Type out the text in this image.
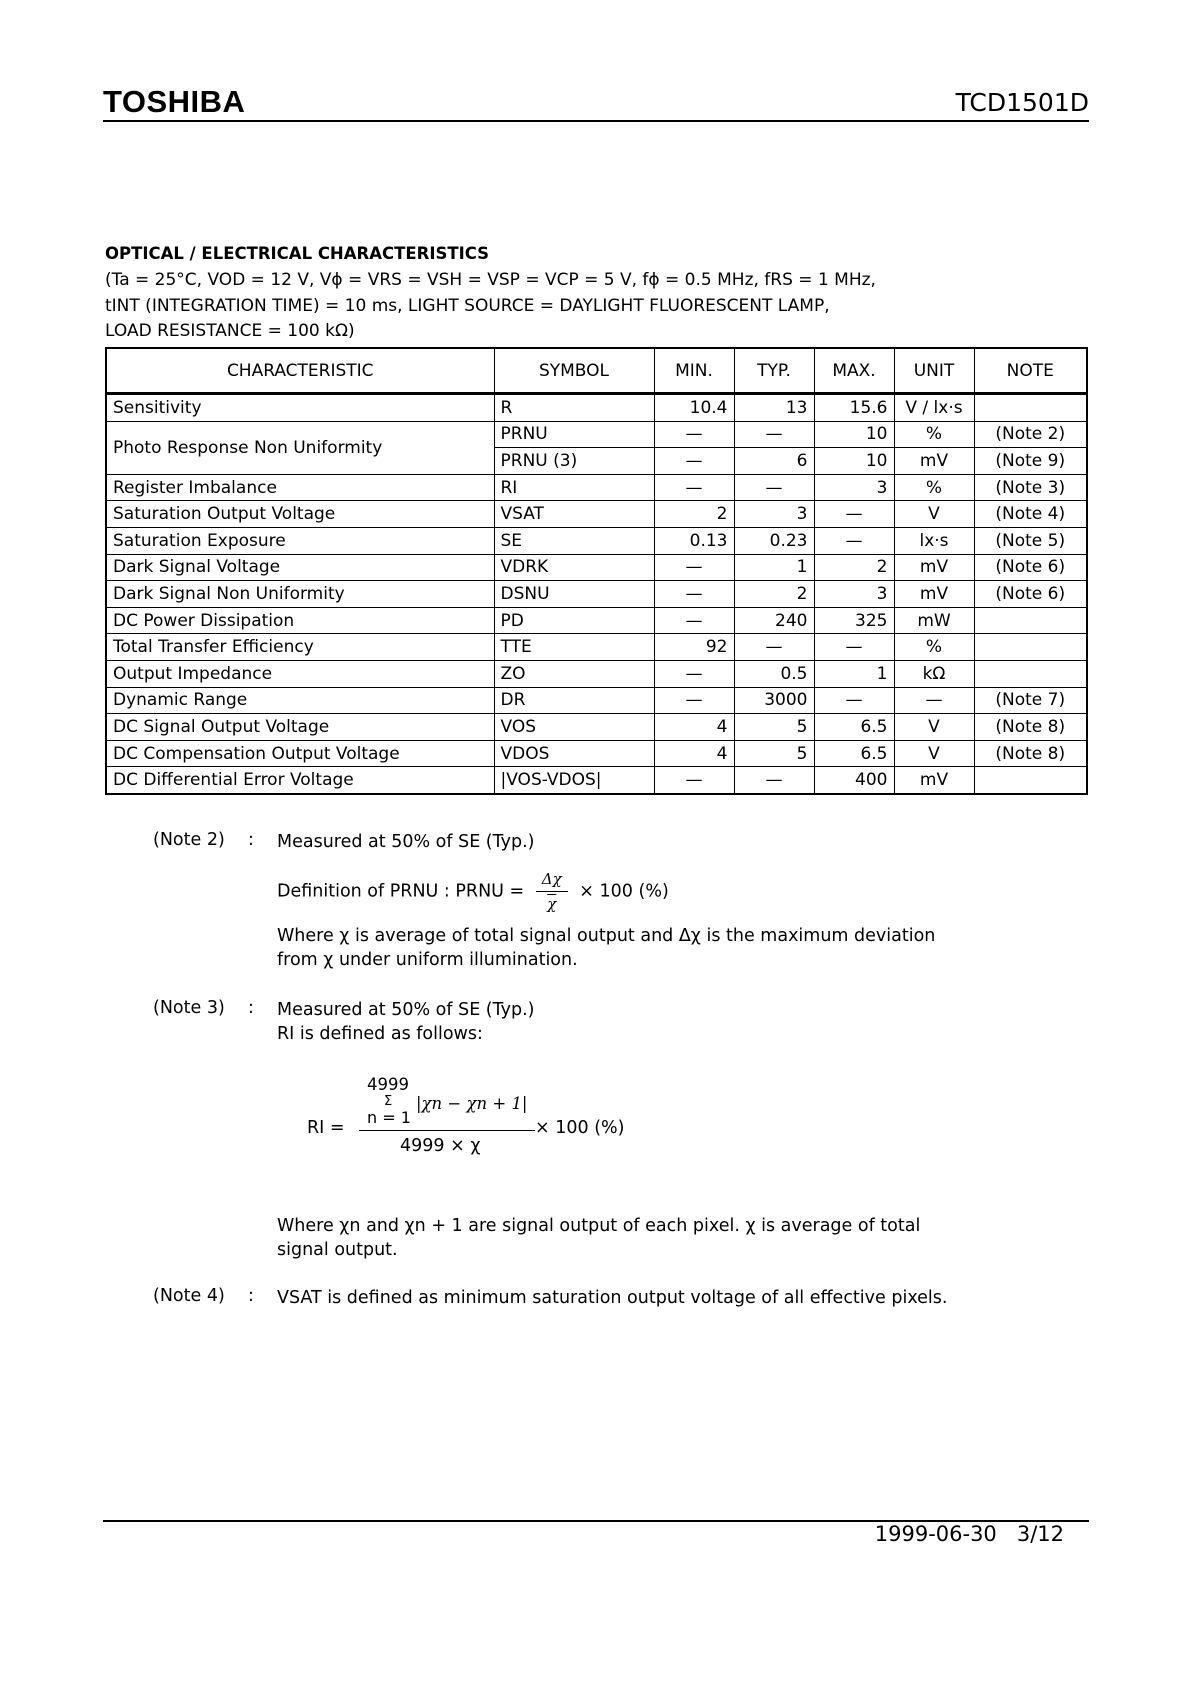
TOSHIBA	TCD1501D
OPTICAL / ELECTRICAL CHARACTERISTICS
(Ta = 25°C, VOD = 12 V, Vϕ = VRS = VSH = VSP = VCP = 5 V, fϕ = 0.5 MHz, fRS = 1 MHz,
tINT (INTEGRATION TIME) = 10 ms, LIGHT SOURCE = DAYLIGHT FLUORESCENT LAMP,
LOAD RESISTANCE = 100 kΩ)
CHARACTERISTIC	SYMBOL	MIN.	TYP.	MAX.	UNIT	NOTE
Sensitivity	R	10.4	13	15.6	V / lx·s	
Photo Response Non Uniformity	PRNU	—	—	10	%	(Note 2)
	PRNU (3)	—	6	10	mV	(Note 9)
Register Imbalance	RI	—	—	3	%	(Note 3)
Saturation Output Voltage	VSAT	2	3	—	V	(Note 4)
Saturation Exposure	SE	0.13	0.23	—	lx·s	(Note 5)
Dark Signal Voltage	VDRK	—	1	2	mV	(Note 6)
Dark Signal Non Uniformity	DSNU	—	2	3	mV	(Note 6)
DC Power Dissipation	PD	—	240	325	mW	
Total Transfer Efficiency	TTE	92	—	—	%	
Output Impedance	ZO	—	0.5	1	kΩ	
Dynamic Range	DR	—	3000	—	—	(Note 7)
DC Signal Output Voltage	VOS	4	5	6.5	V	(Note 8)
DC Compensation Output Voltage	VDOS	4	5	6.5	V	(Note 8)
DC Differential Error Voltage	|VOS-VDOS|	—	—	400	mV	
(Note 2) : Measured at 50% of SE (Typ.)
Definition of PRNU : PRNU = $\frac{\Delta\chi}{\chi} \times 100$ (%)
Where χ is average of total signal output and Δχ is the maximum deviation
from χ under uniform illumination.
(Note 3) : Measured at 50% of SE (Typ.)
RI is defined as follows:
4999
Σ
n = 1
|χn − χn + 1|
RI =	× 100 (%)
4999 × χ
Where χn and χn + 1 are signal output of each pixel. χ is average of total
signal output.
(Note 4) : VSAT is defined as minimum saturation output voltage of all effective pixels.
1999-06-30 3/12
